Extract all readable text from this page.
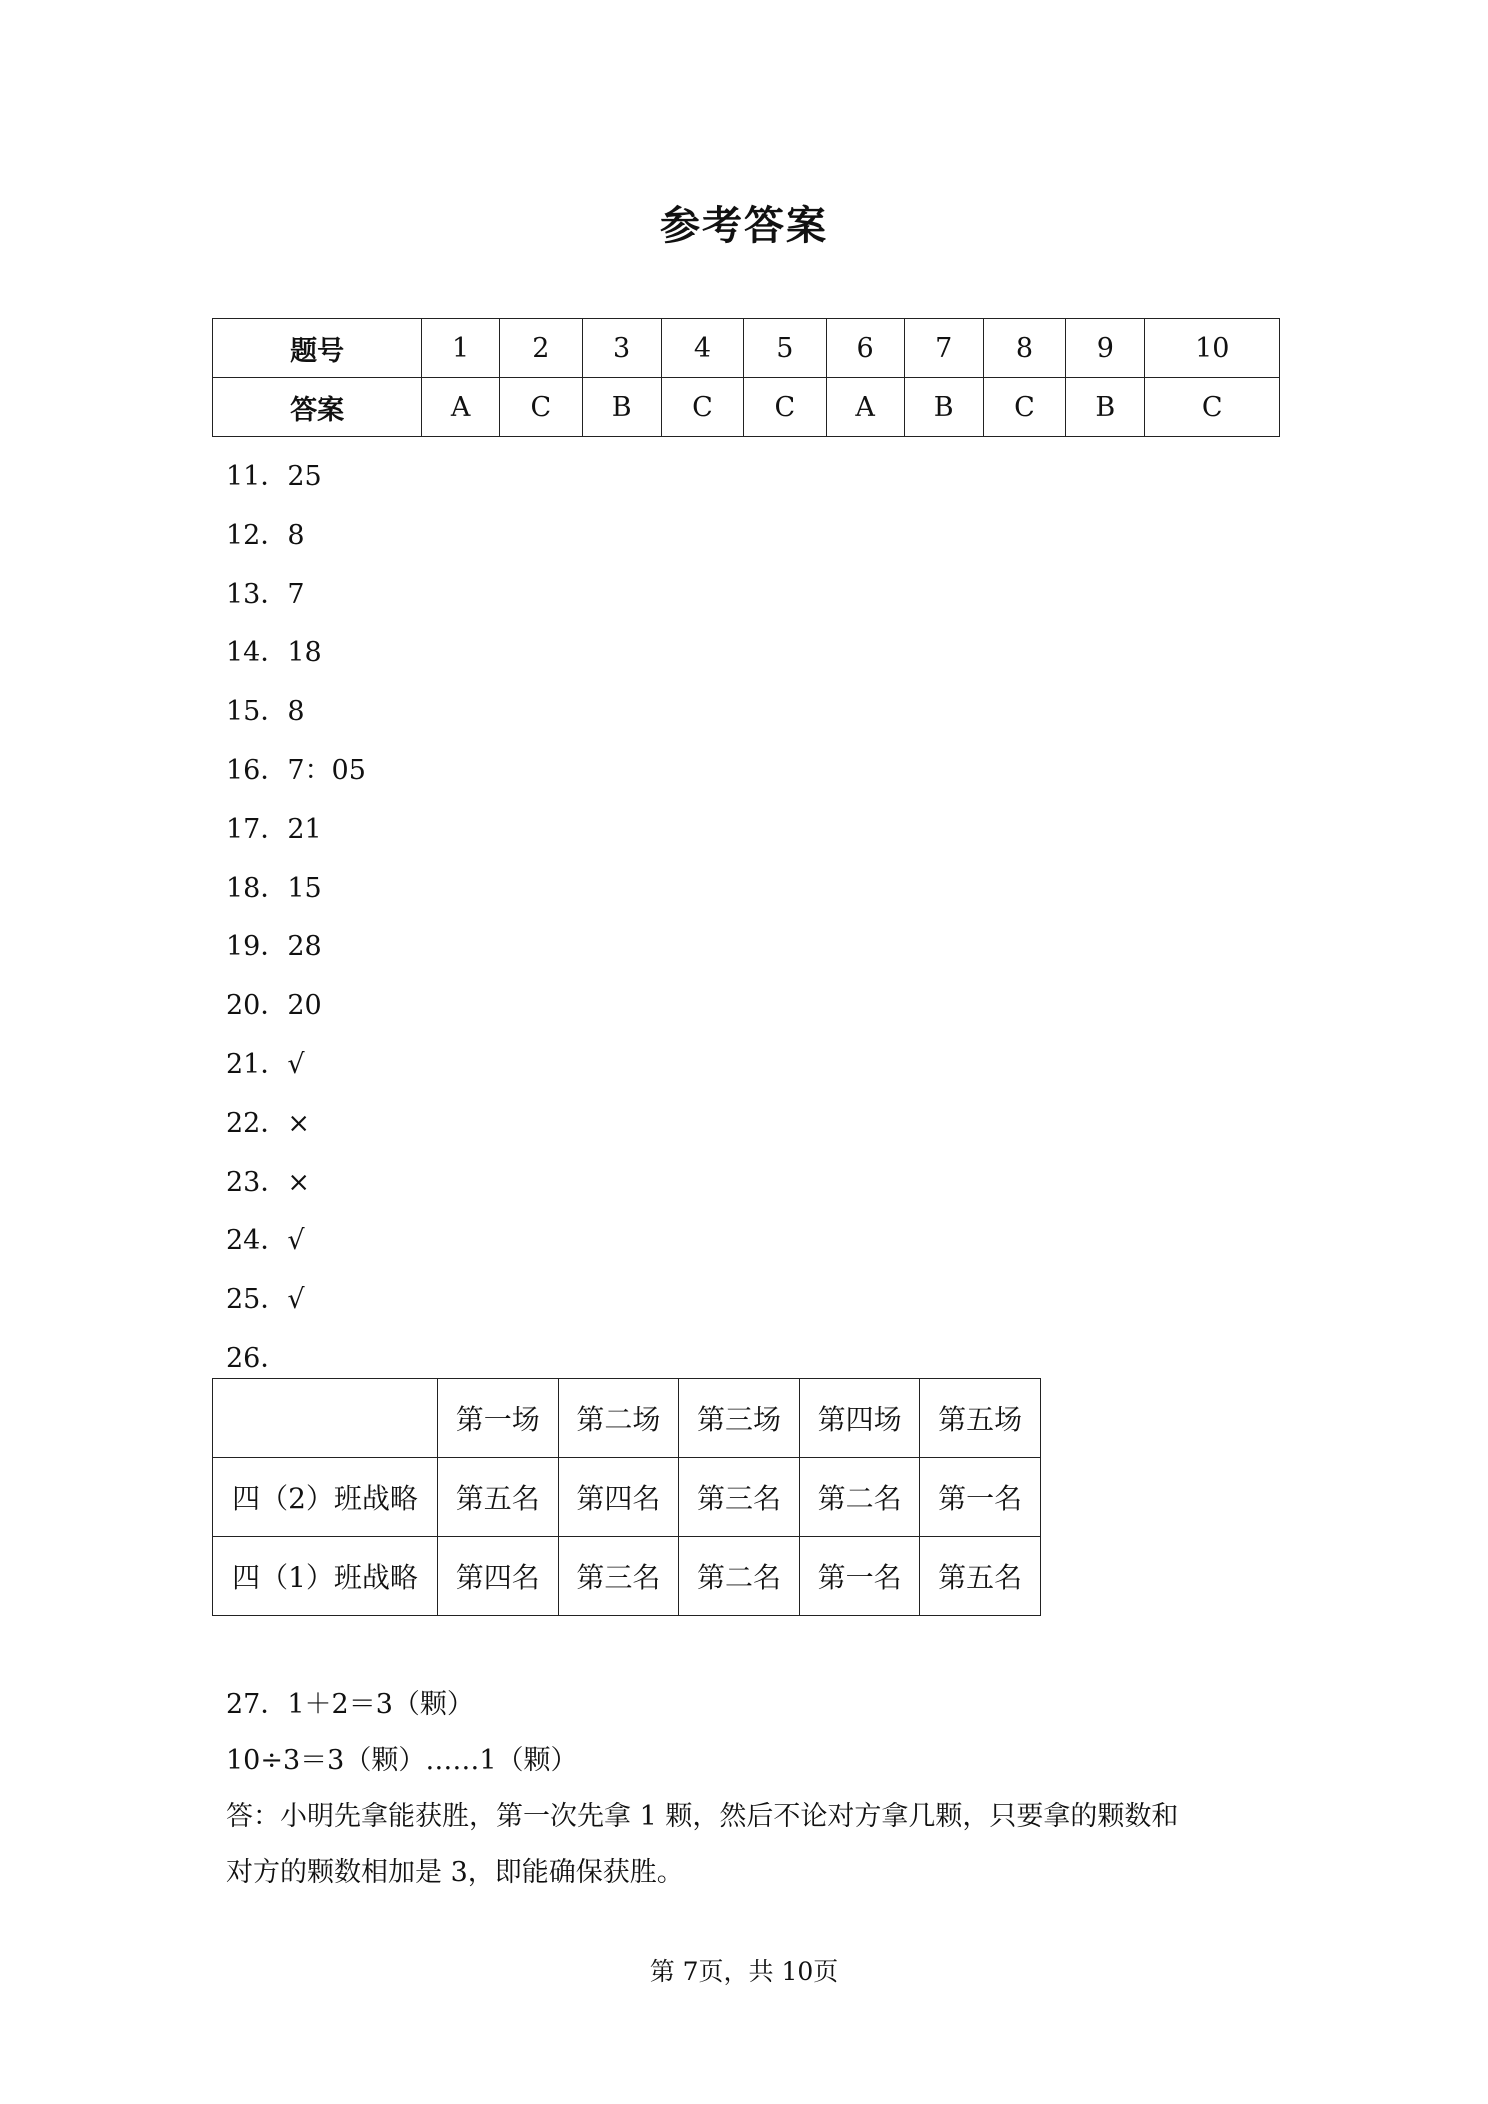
参考答案
题号	1	2	3	4	5	6	7	8	9	10
答案	A	C	B	C	C	A	B	C	B	C
11．25
12．8
13．7
14．18
15．8
16．7：05
17．21
18．15
19．28
20．20
21．√
22．×
23．×
24．√
25．√
26．
	第一场	第二场	第三场	第四场	第五场
四（2）班战略	第五名	第四名	第三名	第二名	第一名
四（1）班战略	第四名	第三名	第二名	第一名	第五名
27．1＋2＝3（颗）
10÷3＝3（颗）……1（颗）
答：小明先拿能获胜，第一次先拿 1 颗，然后不论对方拿几颗，只要拿的颗数和
对方的颗数相加是 3，即能确保获胜。
第 7页，共 10页
